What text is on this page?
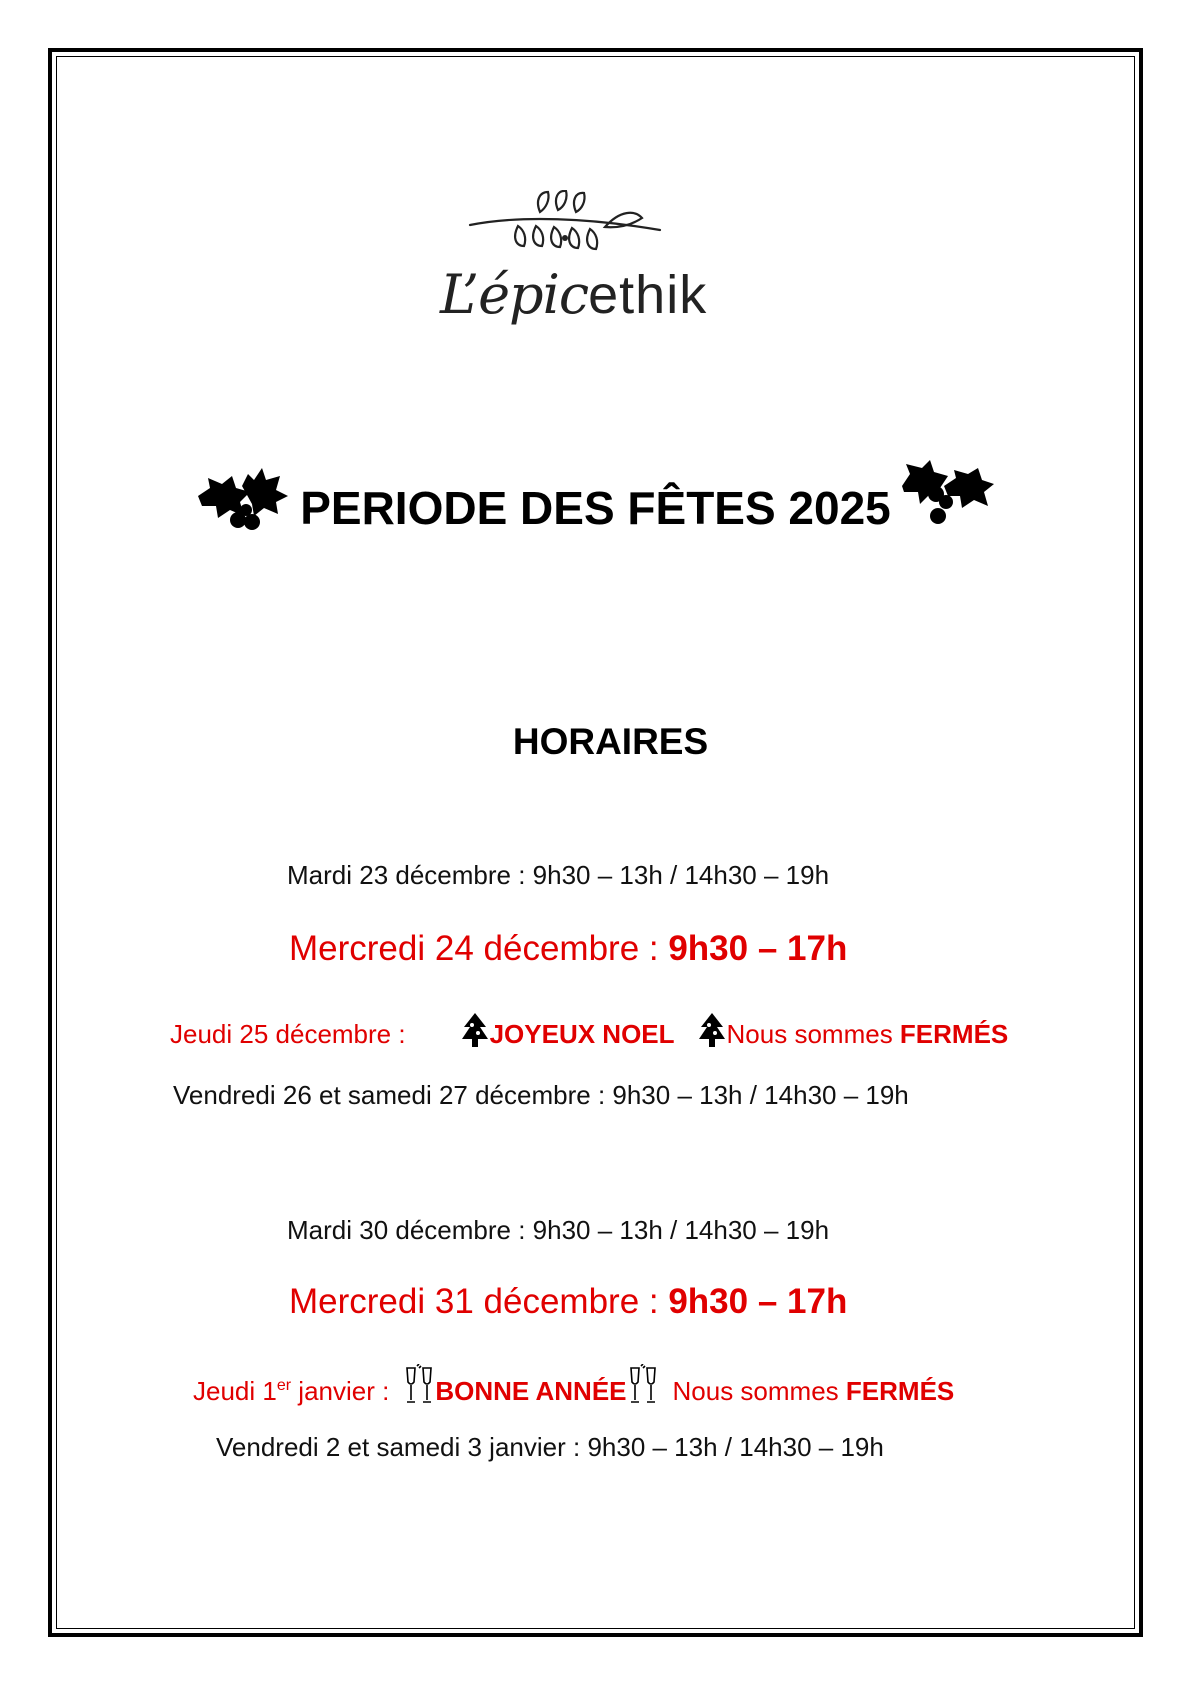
L’épicethik
PERIODE DES FÊTES 2025
HORAIRES
Mardi 23 décembre : 9h30 – 13h / 14h30 – 19h
Mercredi 24 décembre : 9h30 – 17h
Jeudi 25 décembre :	JOYEUX NOEL Nous sommes FERMÉS
Vendredi 26 et samedi 27 décembre : 9h30 – 13h / 14h30 – 19h
Mardi 30 décembre : 9h30 – 13h / 14h30 – 19h
Mercredi 31 décembre : 9h30 – 17h
Jeudi 1er janvier : BONNE ANNÉE Nous sommes FERMÉS
Vendredi 2 et samedi 3 janvier : 9h30 – 13h / 14h30 – 19h
